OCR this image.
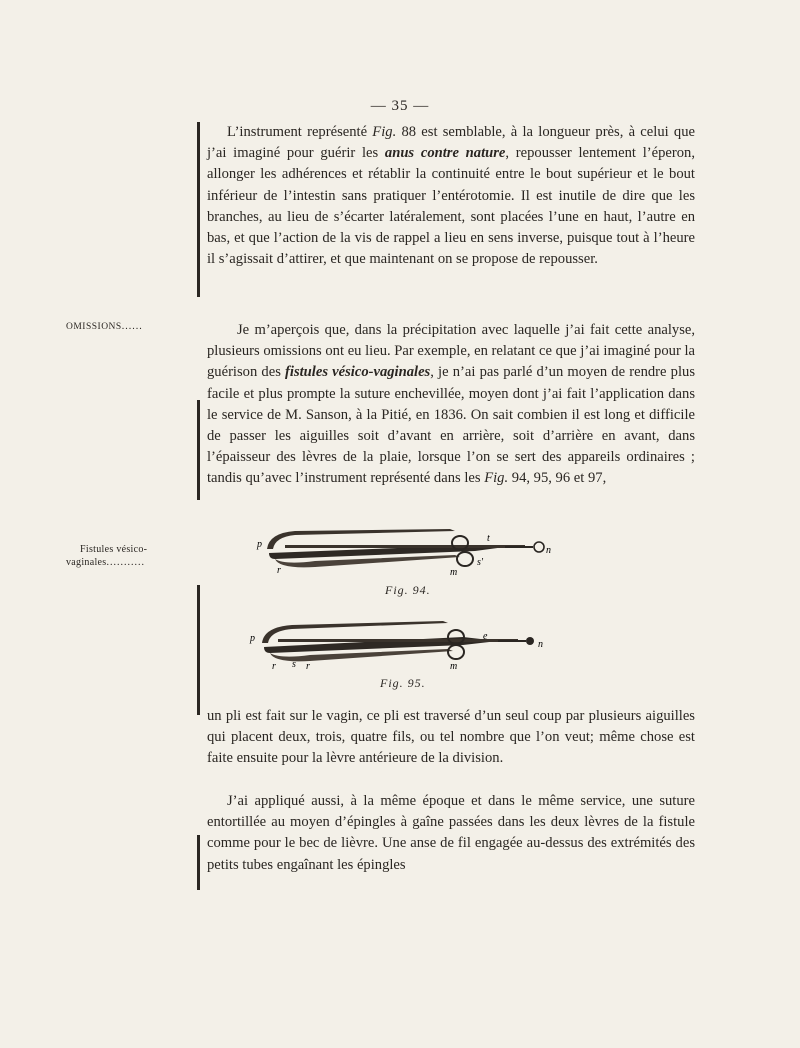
— 35 —

L’instrument représenté Fig. 88 est semblable, à la longueur près, à celui que j’ai imaginé pour guérir les anus contre nature, repousser lentement l’éperon, allonger les adhérences et rétablir la continuité entre le bout supérieur et le bout inférieur de l’intestin sans pratiquer l’entérotomie. Il est inutile de dire que les branches, au lieu de s’écarter latéralement, sont placées l’une en haut, l’autre en bas, et que l’action de la vis de rappel a lieu en sens inverse, puisque tout à l’heure il s’agissait d’attirer, et que maintenant on se propose de repousser.

OMISSIONS......
Fistules vésico-
vaginales...........

Je m’aperçois que, dans la précipitation avec laquelle j’ai fait cette analyse, plusieurs omissions ont eu lieu. Par exemple, en relatant ce que j’ai imaginé pour la guérison des fistules vésico-vaginales, je n’ai pas parlé d’un moyen de rendre plus facile et plus prompte la suture enchevillée, moyen dont j’ai fait l’application dans le service de M. Sanson, à la Pitié, en 1836. On sait combien il est long et difficile de passer les aiguilles soit d’avant en arrière, soit d’arrière en avant, dans l’épaisseur des lèvres de la plaie, lorsque l’on se sert des appareils ordinaires ; tandis qu’avec l’instrument représenté dans les Fig. 94, 95, 96 et 97,

p
t
n
r
s'
m
Fig. 94.
p	e
n
r	r
s	m
Fig. 95.

un pli est fait sur le vagin, ce pli est traversé d’un seul coup par plusieurs aiguilles qui placent deux, trois, quatre fils, ou tel nombre que l’on veut; même chose est faite ensuite pour la lèvre antérieure de la division.

J’ai appliqué aussi, à la même époque et dans le même service, une suture entortillée au moyen d’épingles à gaîne passées dans les deux lèvres de la fistule comme pour le bec de lièvre. Une anse de fil engagée au-dessus des extrémités des petits tubes engaînant les épingles
